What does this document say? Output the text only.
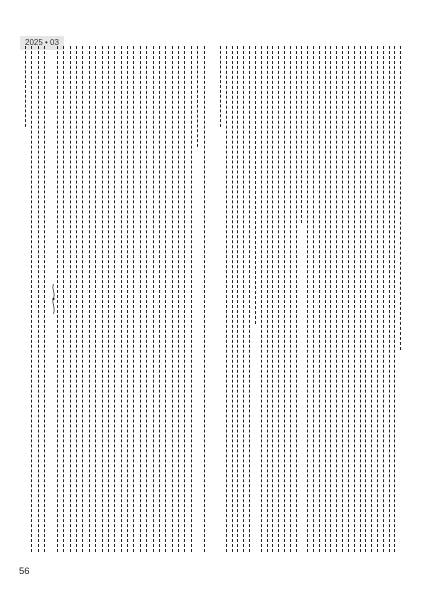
2025 • 03
56
